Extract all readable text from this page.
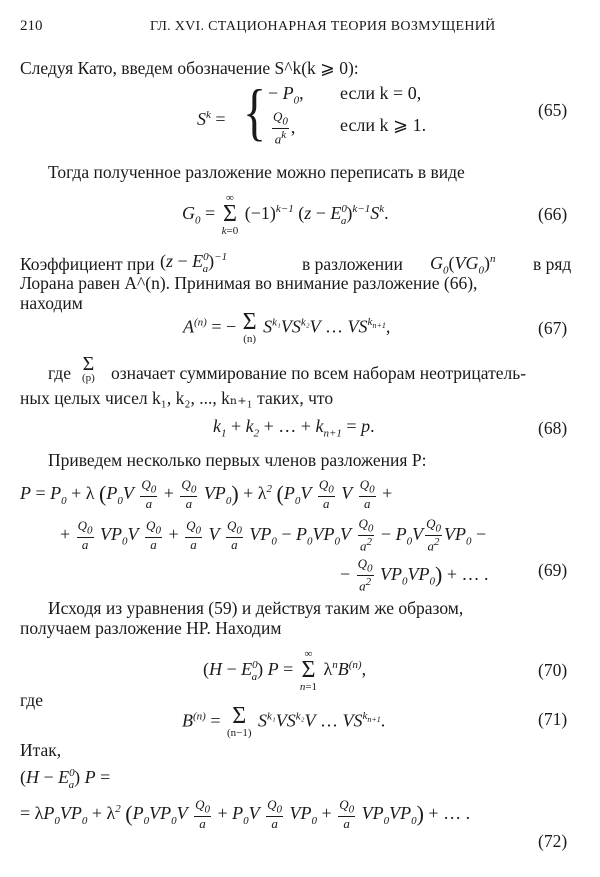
210	ГЛ. XVI. СТАЦИОНАРНАЯ ТЕОРИЯ ВОЗМУЩЕНИЙ
Следуя Като, введем обозначение S^k(k ⩾ 0):
$S^k$ = { − $P_0$,
$\frac{Q_0}{a^k}$ ,
если k = 0,
если k ⩾ 1.
(65)
Тогда полученное разложение можно переписать в виде
$G_0$ =
∞
Σ
k=0
$(-1)^{k-1}$ $(z - E^0_a)^{k-1}S^k$.	(66)
Коэффициент при $(z - E^0_a)^{-1}$	в разложении $G_0(VG_0)^n$ в ряд
Лорана равен A^(n). Принимая во внимание разложение (66),
находим
$A^{(n)}$ = − Σ
(n)
$S^{k_1}VS^{k_2}V$ … $VS^{k_{n+1}}$,	(67)
где Σ
(p) означает суммирование по всем наборам неотрицатель-
ных целых чисел k₁, k₂, ..., kₙ₊₁ таких, что
$k_1 + k_2$ + … + $k_{n+1} = p$.	(68)
Приведем несколько первых членов разложения P:
$P = P_0 + \lambda$ $(P_0V \frac{Q_0}{a} + \frac{Q_0}{a} VP_0) + \lambda^2$ ($P_0V \frac{Q_0}{a}$ V $\frac{Q_0}{a}$ +
+ $\frac{Q_0}{a} VP_0V \frac{Q_0}{a} + \frac{Q_0}{a}$ V $\frac{Q_0}{a} VP_0 - P_0VP_0V \frac{Q_0}{a^2} - P_0V \frac{Q_0}{a^2} VP_0$ −
− $\frac{Q_0}{a^2} VP_0VP_0$) + … .	(69)
Исходя из уравнения (59) и действуя таким же образом,
получаем разложение HP. Находим
$(H - E^0_a)$ P =
∞
Σ
n=1
$\lambda^nB^{(n)}$,	(70)
где
$B^{(n)} = \Sigma$
(n−1)
$S^{k_1}VS^{k_2}V$ … $VS^{k_{n+1}}$.	(71)
Итак,
$(H - E^0_a)$ P =
= $\lambda P_0VP_0 + \lambda^2$ $(P_0VP_0V \frac{Q_0}{a} + P_0V \frac{Q_0}{a} VP_0 + \frac{Q_0}{a} VP_0VP_0)$ + … .
(72)
